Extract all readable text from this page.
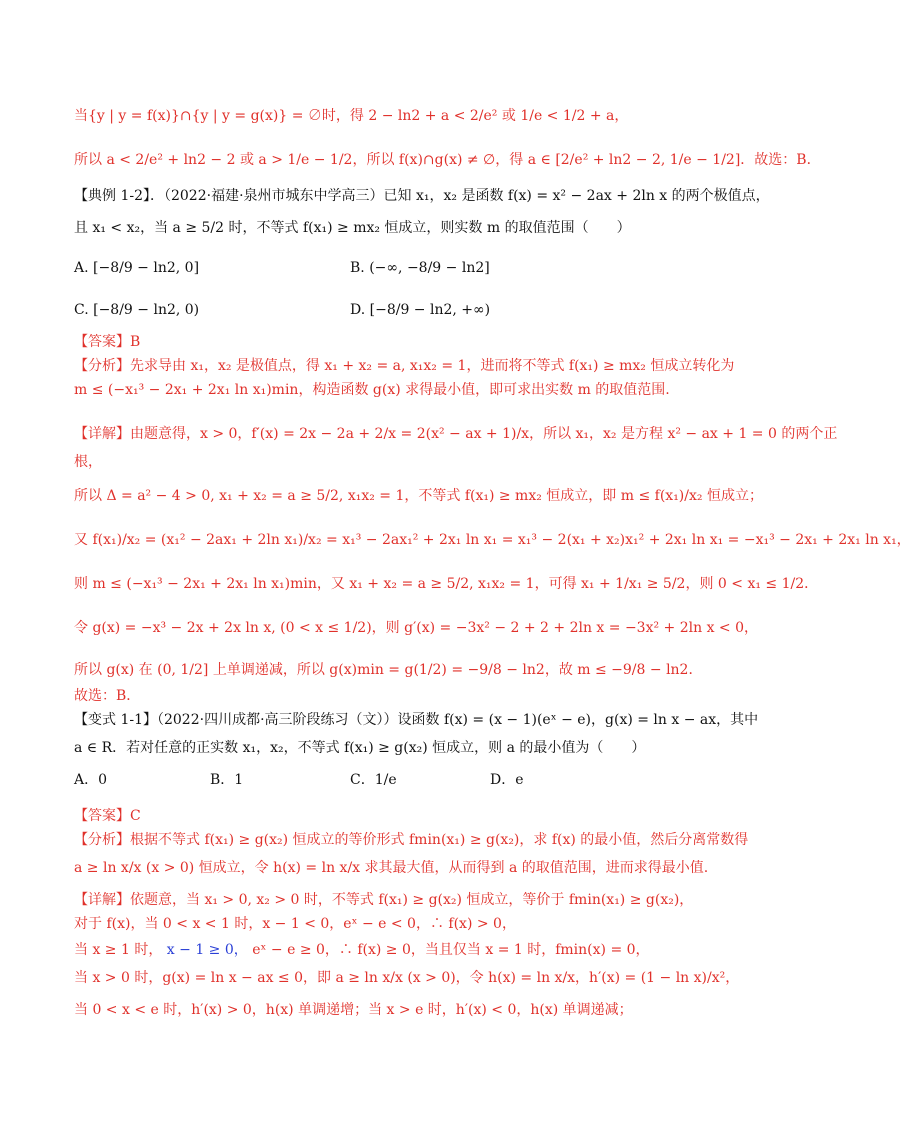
当{y | y = f(x)}∩{y | y = g(x)} = ∅时，得 2 − ln2 + a < 2/e² 或 1/e < 1/2 + a，
所以 a < 2/e² + ln2 − 2 或 a > 1/e − 1/2，所以 f(x)∩g(x) ≠ ∅，得 a ∈ [2/e² + ln2 − 2, 1/e − 1/2]．故选：B．
【典例 1-2】．（2022·福建·泉州市城东中学高三）已知 x₁，x₂ 是函数 f(x) = x² − 2ax + 2ln x 的两个极值点，
且 x₁ < x₂，当 a ≥ 5/2 时，不等式 f(x₁) ≥ mx₂ 恒成立，则实数 m 的取值范围（　　）
A. [−8/9 − ln2, 0]	B. (−∞, −8/9 − ln2]
C. [−8/9 − ln2, 0)	D. [−8/9 − ln2, +∞)
【答案】B
【分析】先求导由 x₁，x₂ 是极值点，得 x₁ + x₂ = a, x₁x₂ = 1，进而将不等式 f(x₁) ≥ mx₂ 恒成立转化为
m ≤ (−x₁³ − 2x₁ + 2x₁ ln x₁)min，构造函数 g(x) 求得最小值，即可求出实数 m 的取值范围.
【详解】由题意得，x > 0，f′(x) = 2x − 2a + 2/x = 2(x² − ax + 1)/x，所以 x₁，x₂ 是方程 x² − ax + 1 = 0 的两个正
根，
所以 Δ = a² − 4 > 0, x₁ + x₂ = a ≥ 5/2, x₁x₂ = 1，不等式 f(x₁) ≥ mx₂ 恒成立，即 m ≤ f(x₁)/x₂ 恒成立；
又 f(x₁)/x₂ = (x₁² − 2ax₁ + 2ln x₁)/x₂ = x₁³ − 2ax₁² + 2x₁ ln x₁ = x₁³ − 2(x₁ + x₂)x₁² + 2x₁ ln x₁ = −x₁³ − 2x₁ + 2x₁ ln x₁，
则 m ≤ (−x₁³ − 2x₁ + 2x₁ ln x₁)min，又 x₁ + x₂ = a ≥ 5/2, x₁x₂ = 1，可得 x₁ + 1/x₁ ≥ 5/2，则 0 < x₁ ≤ 1/2．
令 g(x) = −x³ − 2x + 2x ln x, (0 < x ≤ 1/2)，则 g′(x) = −3x² − 2 + 2 + 2ln x = −3x² + 2ln x < 0，
所以 g(x) 在 (0, 1/2] 上单调递减，所以 g(x)min = g(1/2) = −9/8 − ln2，故 m ≤ −9/8 − ln2．
故选：B．
【变式 1-1】（2022·四川成都·高三阶段练习（文））设函数 f(x) = (x − 1)(eˣ − e)，g(x) = ln x − ax，其中
a ∈ R．若对任意的正实数 x₁，x₂，不等式 f(x₁) ≥ g(x₂) 恒成立，则 a 的最小值为（　　）
A．0	B．1	C．1/e	D．e
【答案】C
【分析】根据不等式 f(x₁) ≥ g(x₂) 恒成立的等价形式 fmin(x₁) ≥ g(x₂)，求 f(x) 的最小值，然后分离常数得
a ≥ ln x/x (x > 0) 恒成立，令 h(x) = ln x/x 求其最大值，从而得到 a 的取值范围，进而求得最小值.
【详解】依题意，当 x₁ > 0, x₂ > 0 时，不等式 f(x₁) ≥ g(x₂) 恒成立，等价于 fmin(x₁) ≥ g(x₂)，
对于 f(x)，当 0 < x < 1 时，x − 1 < 0，eˣ − e < 0，∴ f(x) > 0，
当 x ≥ 1 时， x − 1 ≥ 0， eˣ − e ≥ 0，∴ f(x) ≥ 0，当且仅当 x = 1 时，fmin(x) = 0，
当 x > 0 时，g(x) = ln x − ax ≤ 0，即 a ≥ ln x/x (x > 0)，令 h(x) = ln x/x，h′(x) = (1 − ln x)/x²，
当 0 < x < e 时，h′(x) > 0，h(x) 单调递增；当 x > e 时，h′(x) < 0，h(x) 单调递减；
